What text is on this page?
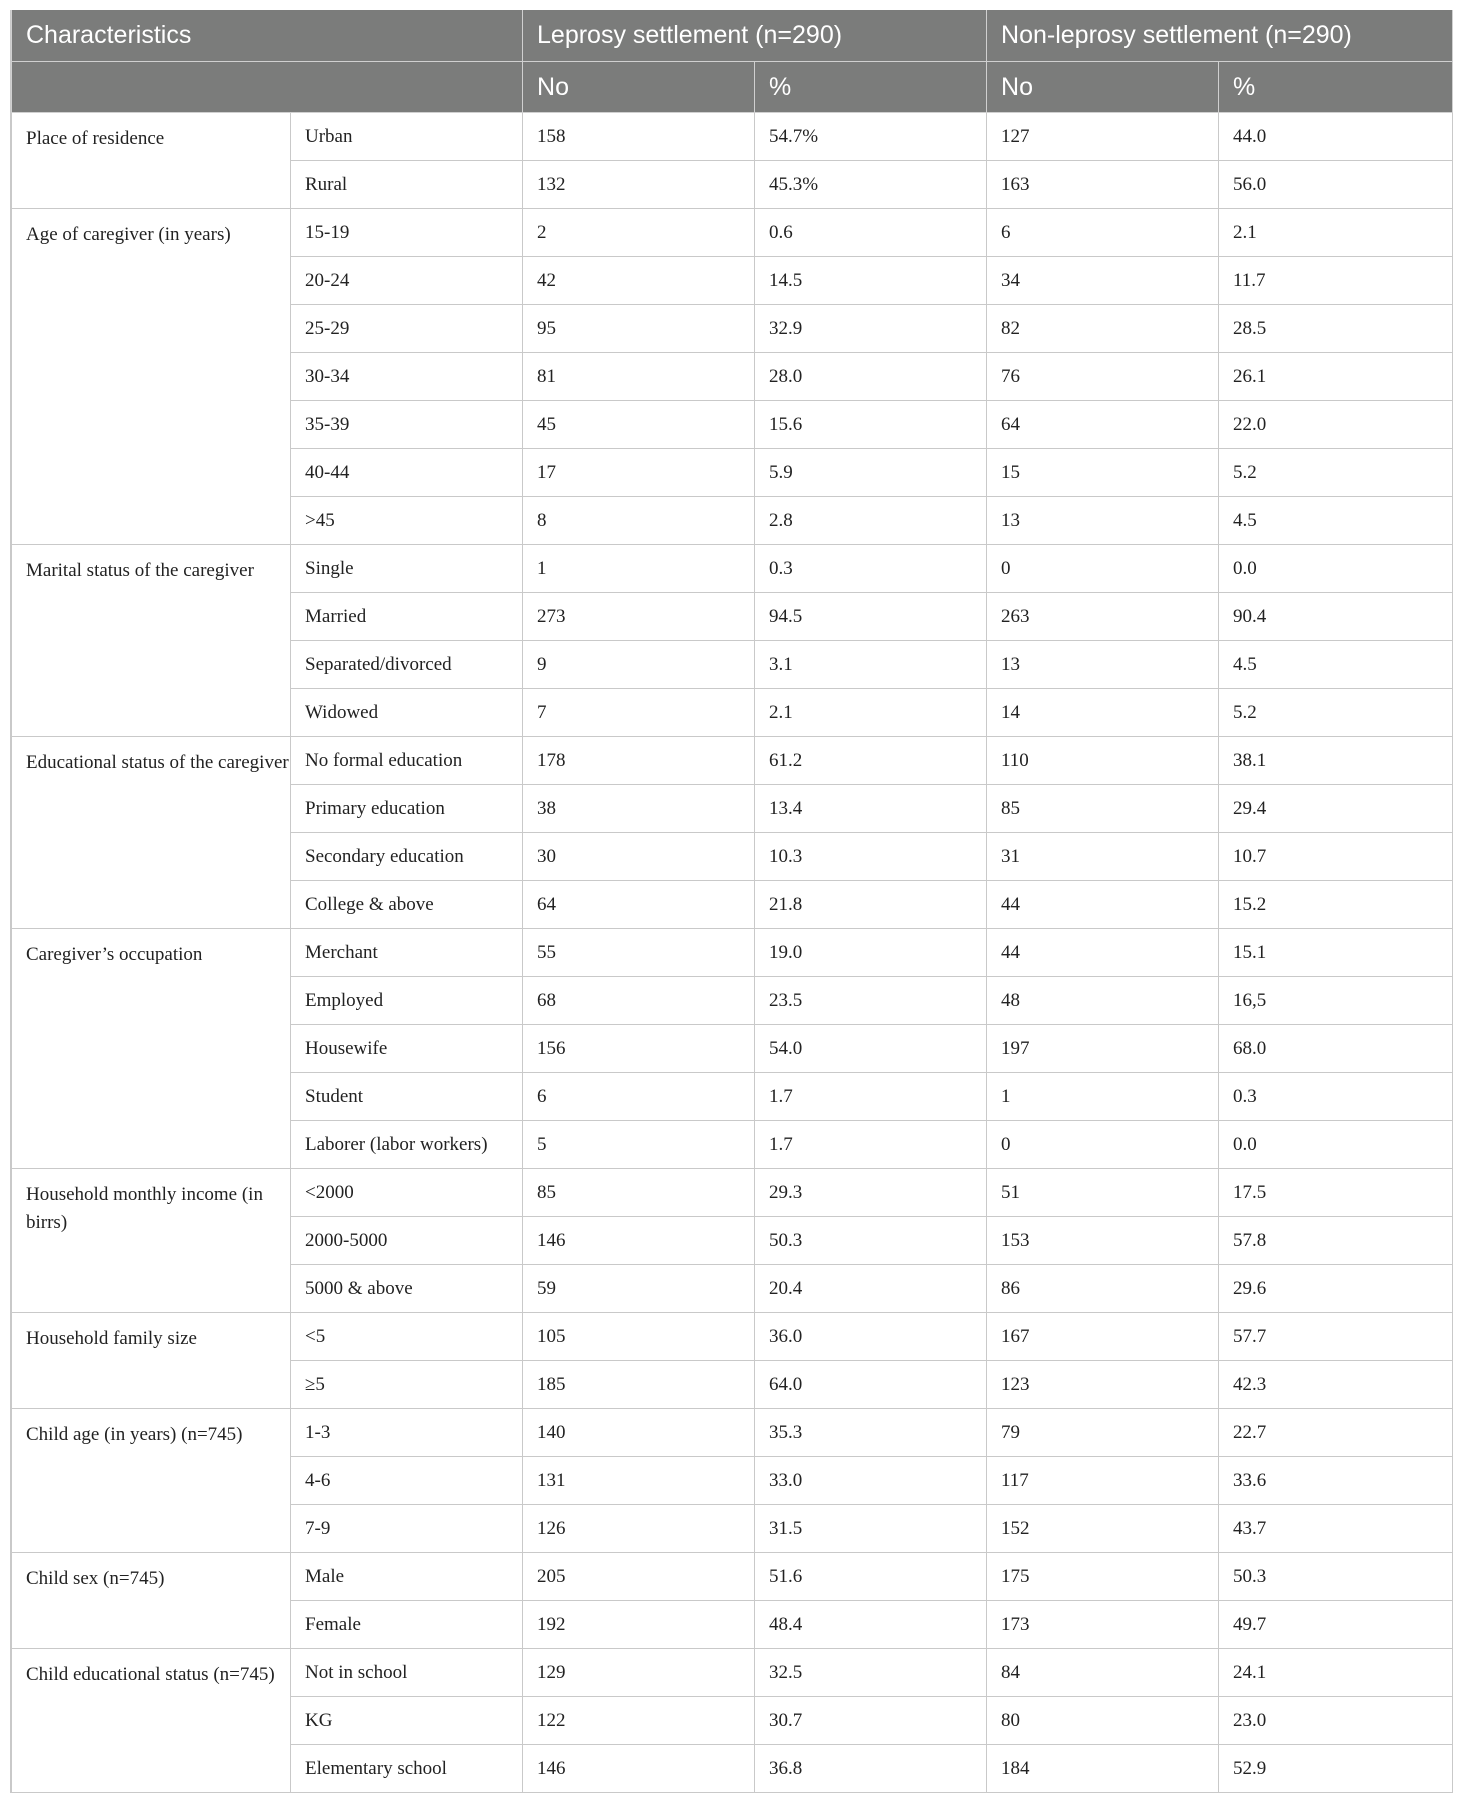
Characteristics		Leprosy settlement (n=290)		Non-leprosy settlement (n=290)	
		No	%	No	%
Place of residence	Urban	158	54.7%	127	44.0
	Rural	132	45.3%	163	56.0
Age of caregiver (in years)	15-19	2	0.6	6	2.1
	20-24	42	14.5	34	11.7
	25-29	95	32.9	82	28.5
	30-34	81	28.0	76	26.1
	35-39	45	15.6	64	22.0
	40-44	17	5.9	15	5.2
	>45	8	2.8	13	4.5
Marital status of the caregiver	Single	1	0.3	0	0.0
	Married	273	94.5	263	90.4
	Separated/divorced	9	3.1	13	4.5
	Widowed	7	2.1	14	5.2
Educational status of the caregiver	No formal education	178	61.2	110	38.1
	Primary education	38	13.4	85	29.4
	Secondary education	30	10.3	31	10.7
	College & above	64	21.8	44	15.2
Caregiver’s occupation	Merchant	55	19.0	44	15.1
	Employed	68	23.5	48	16,5
	Housewife	156	54.0	197	68.0
	Student	6	1.7	1	0.3
	Laborer (labor workers)	5	1.7	0	0.0
Household monthly income (in birrs)	<2000	85	29.3	51	17.5
	2000-5000	146	50.3	153	57.8
	5000 & above	59	20.4	86	29.6
Household family size	<5	105	36.0	167	57.7
	≥5	185	64.0	123	42.3
Child age (in years) (n=745)	1-3	140	35.3	79	22.7
	4-6	131	33.0	117	33.6
	7-9	126	31.5	152	43.7
Child sex (n=745)	Male	205	51.6	175	50.3
	Female	192	48.4	173	49.7
Child educational status (n=745)	Not in school	129	32.5	84	24.1
	KG	122	30.7	80	23.0
	Elementary school	146	36.8	184	52.9
